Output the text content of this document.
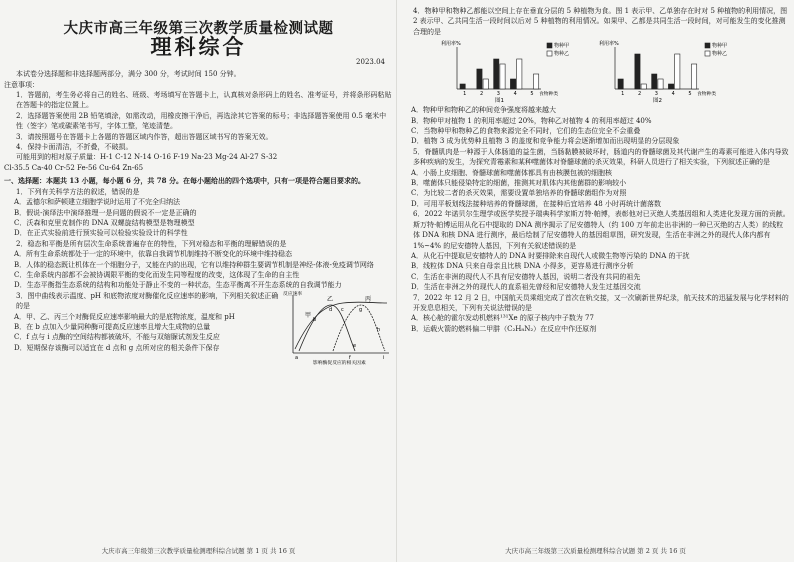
大庆市高三年级第三次教学质量检测试题
理科综合
2023.04

本试卷分选择题和非选择题两部分，满分 300 分，考试时间 150 分钟。

注意事项：

1．答题前，考生务必将自己的姓名、班级、考场填写在答题卡上，认真核对条形码上的姓名、准考证号，并将条形码粘贴在答题卡的指定位置上。

2．选择题答案使用 2B 铅笔填涂，如需改动，用橡皮擦干净后，再选涂其它答案的标号；非选择题答案使用 0.5 毫米中性（签字）笔或碳素笔书写，字体工整，笔迹清楚。

3．请按照题号在答题卡上各题的答题区域内作答，超出答题区域书写的答案无效。

4．保持卡面清洁，不折叠，不破损。

可能用到的相对原子质量：H-1 C-12 N-14 O-16 F-19 Na-23 Mg-24 Al-27 S-32

Cl-35.5 Ca-40 Cr-52 Fe-56 Cu-64 Zn-65

一、选择题：本题共 13 小题，每小题 6 分，共 78 分。在每小题给出的四个选项中，只有一项是符合题目要求的。

1．下列有关科学方法的叙述，错误的是

A．孟德尔和萨顿建立细胞学说时运用了不完全归纳法

B．假说-演绎法中演绎推理一是问题的假说不一定是正确的

C．沃森和克里克制作的 DNA 双螺旋结构模型是物理模型

D．在正式实验前进行预实验可以检验实验设计的科学性

2．稳态和平衡是所有层次生命系统普遍存在的特性，下列对稳态和平衡的理解错误的是

A．所有生命系统都处于一定的环境中，依靠自我调节机制维持不断变化的环境中维持稳态

B．人体的稳态既让机体在一个细胞分子，又能在内的出现，它有以维持种群生要调节机制是神经-体液-免疫调节网络

C．生命系统内部都不会被协调限平衡的变化而发生同等程度的改变，这体现了生命的自主性

D．生态平衡指生态系统的结构和功能处于静止不变的一种状态，生态平衡离不开生态系统的自我调节能力

3．图中曲线表示温度、pH 和底物浓度对酶催化反应速率的影响，下列相关叙述正确的是

A．甲、乙、丙三个对酶促反应速率影响最大的是底物浓度，温度和 pH

B．在 b 点加入少量同种酶可提高反应速率且增大生成物的总量

C．f 点与 i 点酶的空间结构都被破坏，不能与双缩脲试剂发生反应

D．短期保存该酶可以适宜在 d 点和 g 点所对应的相关条件下保存

甲
乙	丙
a
b
c
d
e
f
g
h
i
影响酶促反应的相关因素
反应速率
大庆市高三年级第三次教学质量检测理科综合试题 第 1 页 共 16 页

4．物种甲和物种乙都能以空间上存在垂直分层的 5 种植物为食。图 1 表示甲、乙单独存在时对 5 种植物的利用情况，图 2 表示甲、乙共同生活一段时间以后对 5 种植物的利用情况。如果甲、乙都是共同生活一段时间，对可能发生的变化推测合理的是

利用率%
食物种类
图1
1	2	3	4	5
物种甲
物种乙
利用率%
食物种类
图2
1	2	3	4	5
物种甲
物种乙

A．物种甲和物种乙的种间竞争强度将越来越大

B．物种甲对植物 1 的利用率超过 20%，物种乙对植物 4 的利用率超过 40%

C．当物种甲和物种乙的食物来源完全不同时，它们的生态位完全不会重叠

D．植物 3 成为优势种且植物 3 的盖度和竞争能力将会逐渐增加而出现明显的分层现象

5．脊髓肌肉是一种源于人体肠道的益生菌，当肠黏膜被破坏时，肠道内的脊髓球菌及其代谢产生的毒素可能进入体内导致多种疾病的发生，为探究青霉素和某种噬菌体对脊髓球菌的杀灭效果，科研人员进行了相关实验，下列叙述正确的是

A．小肠上皮细胞、脊髓球菌和噬菌体都具有由核膜包被的细胞核

B．噬菌体只能侵染特定的细菌，推测其对肌体内其他菌群的影响较小

C．为比较二者的杀灭效果，需要设置单独培养的脊髓球菌组作为对照

D．可用平板划线法接种培养的脊髓球菌，在接种后宜培养 48 小时再统计菌落数

6．2022 年诺贝尔生理学或医学奖授予瑞典科学家斯万特·帕博，表彰他对已灭绝人类基因组和人类进化发现方面的贡献。斯万特·帕博运用从化石中提取的 DNA 测序揭示了尼安德特人（约 100 万年前走出非洲的一种已灭绝的古人类）的线粒体 DNA 和核 DNA 进行测序，最后绘制了尼安德特人的基因组草图，研究发现，生活在非洲之外的现代人体内都有 1%~4% 的尼安德特人基因，下列有关叙述错误的是

A．从化石中提取尼安德特人的 DNA 时要排除来自现代人或微生物等污染的 DNA 的干扰

B．线粒体 DNA 只来自母亲且比核 DNA 小得多，更容易进行测序分析

C．生活在非洲的现代人不具有尼安德特人基因，说明二者没有共同的祖先

D．生活在非洲之外的现代人的直系祖先曾经和尼安德特人发生过基因交流

7．2022 年 12 月 2 日，中国航天员乘组完成了首次在轨交接，又一次刷新世界纪录，航天技术的迅猛发展与化学材料的开发息息相关，下列有关说法错误的是

A．核心舱的霍尔发动机燃料¹³¹Xe 的原子核内中子数为 77

B．运载火箭的燃料偏二甲肼（C₂H₈N₂）在反应中作还原剂

大庆市高三年级第三次质量检测理科综合试题 第 2 页 共 16 页
